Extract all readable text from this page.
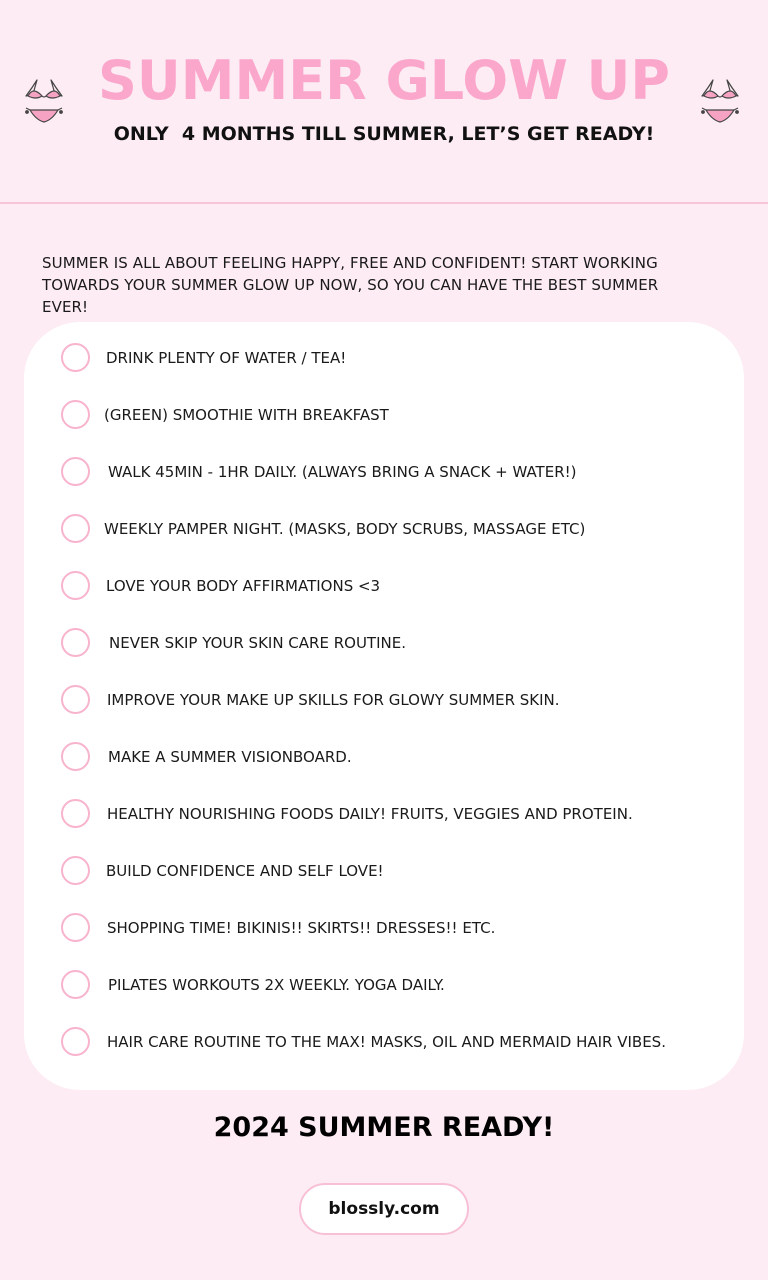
SUMMER GLOW UP
ONLY  4 MONTHS TILL SUMMER, LET’S GET READY!

SUMMER IS ALL ABOUT FEELING HAPPY, FREE AND CONFIDENT! START WORKING TOWARDS YOUR SUMMER GLOW UP NOW, SO YOU CAN HAVE THE BEST SUMMER EVER!

DRINK PLENTY OF WATER / TEA!
(GREEN) SMOOTHIE WITH BREAKFAST
WALK 45MIN - 1HR DAILY. (ALWAYS BRING A SNACK + WATER!)
WEEKLY PAMPER NIGHT. (MASKS, BODY SCRUBS, MASSAGE ETC)
LOVE YOUR BODY AFFIRMATIONS <3
NEVER SKIP YOUR SKIN CARE ROUTINE.
IMPROVE YOUR MAKE UP SKILLS FOR GLOWY SUMMER SKIN.
MAKE A SUMMER VISIONBOARD.
HEALTHY NOURISHING FOODS DAILY! FRUITS, VEGGIES AND PROTEIN.
BUILD CONFIDENCE AND SELF LOVE!
SHOPPING TIME! BIKINIS!! SKIRTS!! DRESSES!! ETC.
PILATES WORKOUTS 2X WEEKLY. YOGA DAILY.
HAIR CARE ROUTINE TO THE MAX! MASKS, OIL AND MERMAID HAIR VIBES.
2024 SUMMER READY!
blossly.com
